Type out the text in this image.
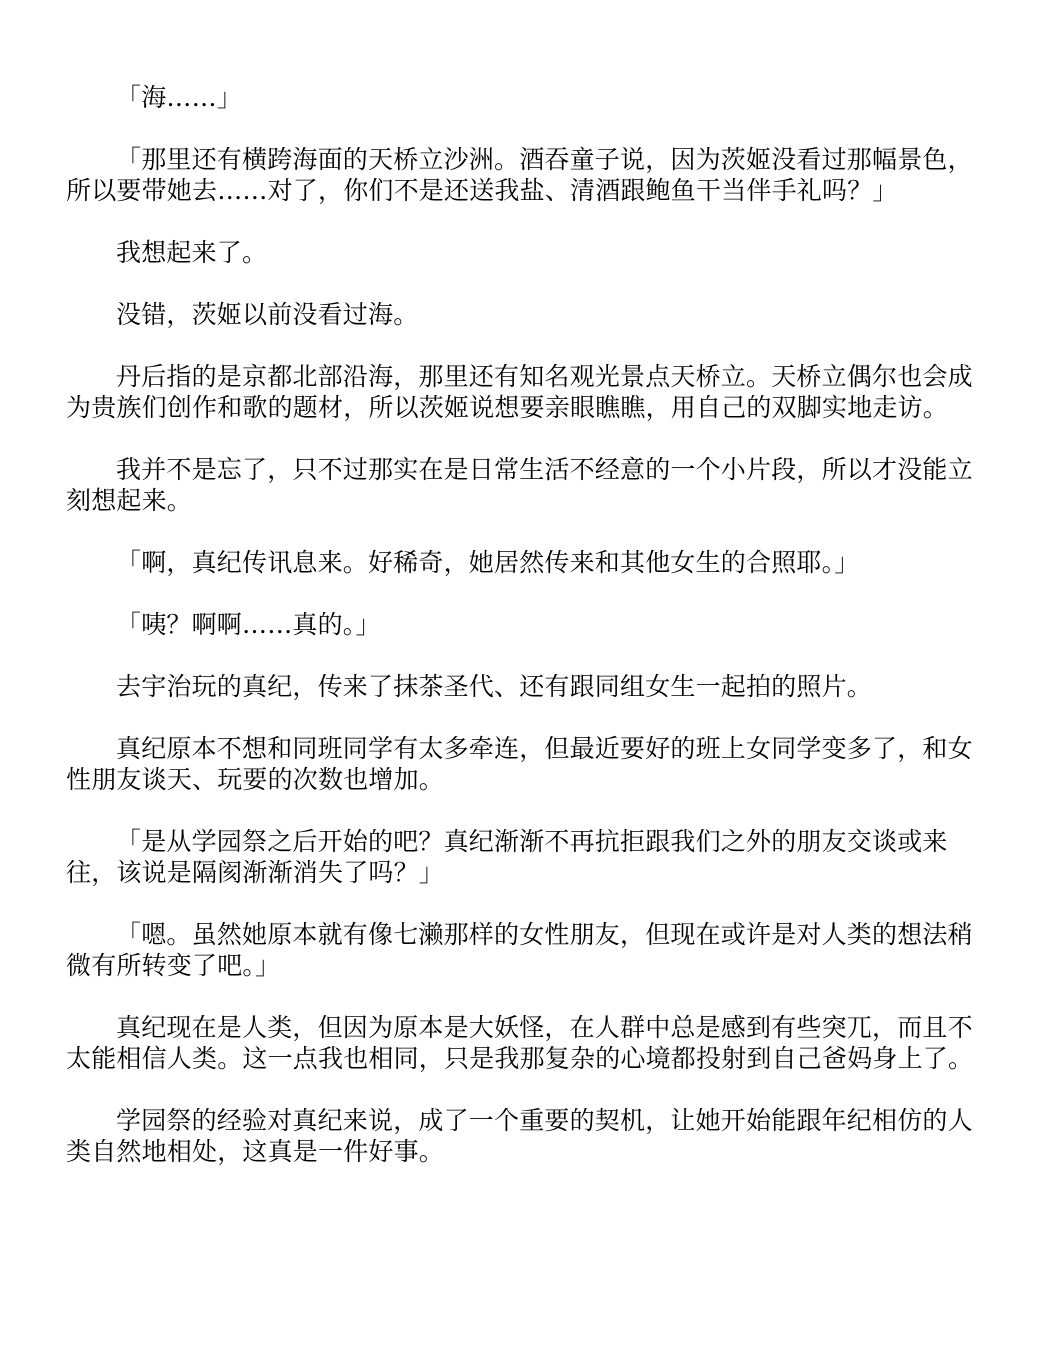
「海……」

「那里还有横跨海面的天桥立沙洲。酒吞童子说，因为茨姬没看过那幅景色，所以要带她去……对了，你们不是还送我盐、清酒跟鲍鱼干当伴手礼吗？」

我想起来了。

没错，茨姬以前没看过海。

丹后指的是京都北部沿海，那里还有知名观光景点天桥立。天桥立偶尔也会成为贵族们创作和歌的题材，所以茨姬说想要亲眼瞧瞧，用自己的双脚实地走访。

我并不是忘了，只不过那实在是日常生活不经意的一个小片段，所以才没能立刻想起来。

「啊，真纪传讯息来。好稀奇，她居然传来和其他女生的合照耶。」

「咦？啊啊……真的。」

去宇治玩的真纪，传来了抹茶圣代、还有跟同组女生一起拍的照片。

真纪原本不想和同班同学有太多牵连，但最近要好的班上女同学变多了，和女性朋友谈天、玩要的次数也增加。

「是从学园祭之后开始的吧？真纪渐渐不再抗拒跟我们之外的朋友交谈或来往，该说是隔阂渐渐消失了吗？」

「嗯。虽然她原本就有像七濑那样的女性朋友，但现在或许是对人类的想法稍微有所转变了吧。」

真纪现在是人类，但因为原本是大妖怪，在人群中总是感到有些突兀，而且不太能相信人类。这一点我也相同，只是我那复杂的心境都投射到自己爸妈身上了。

学园祭的经验对真纪来说，成了一个重要的契机，让她开始能跟年纪相仿的人类自然地相处，这真是一件好事。
